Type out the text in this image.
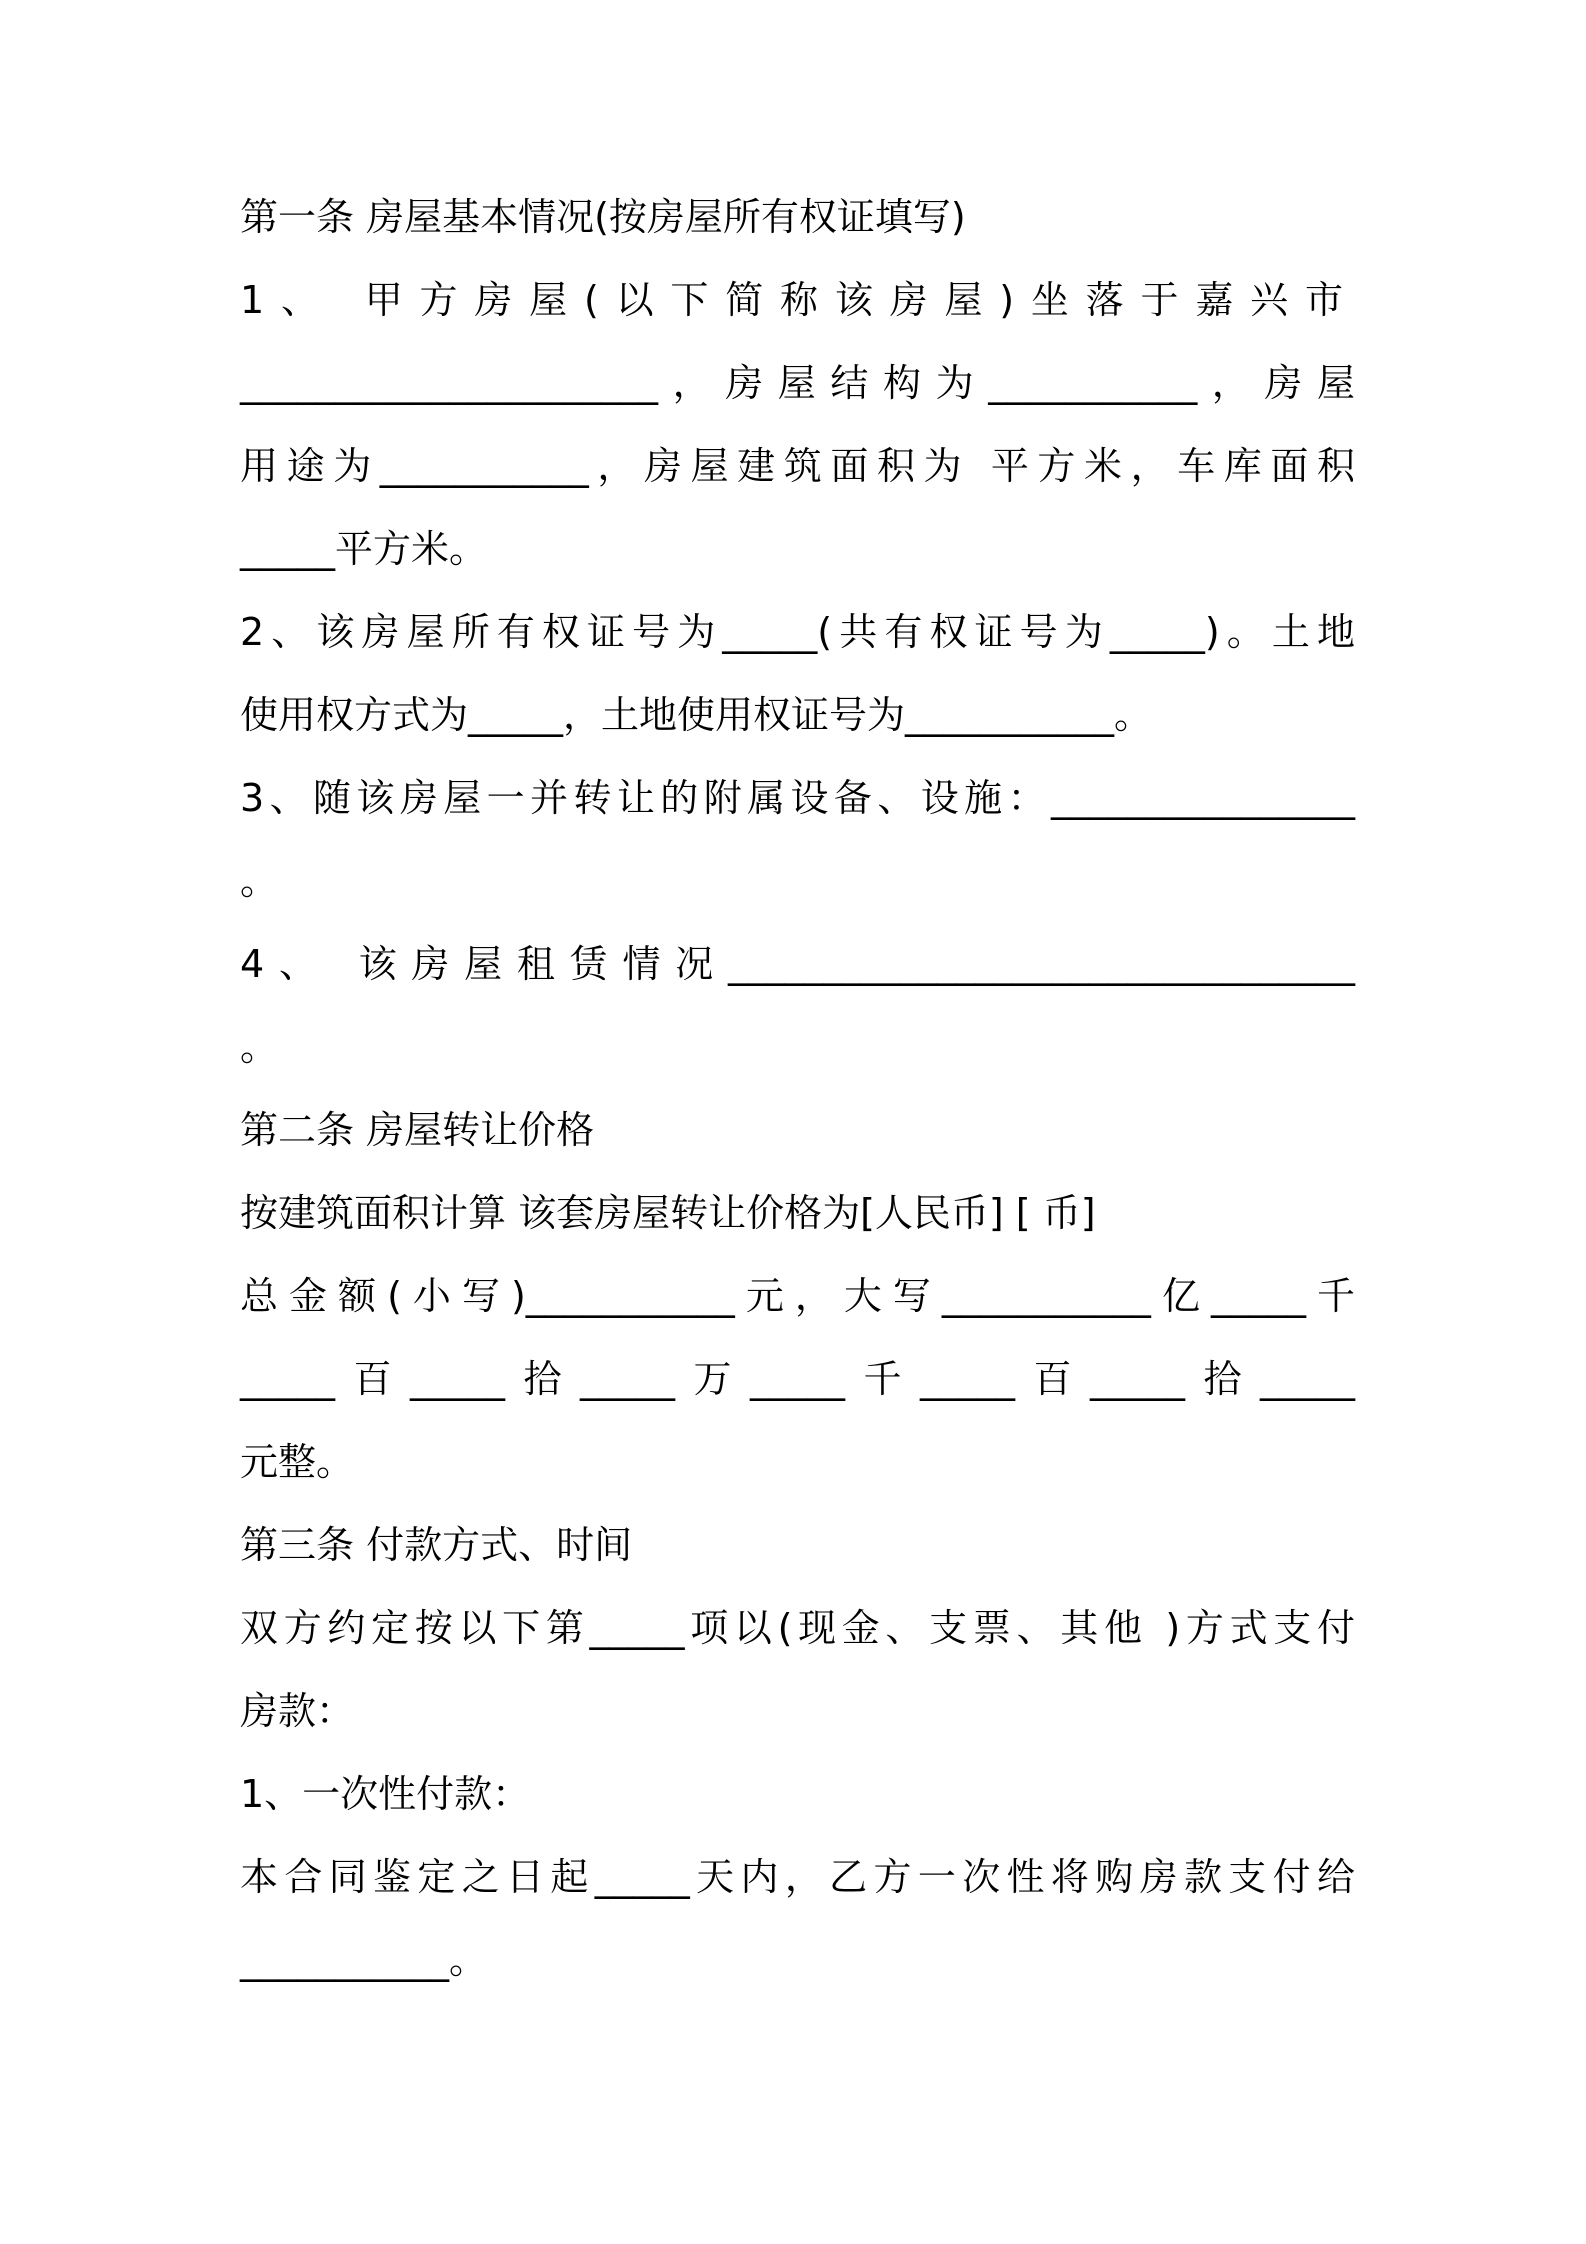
第一条 房屋基本情况(按房屋所有权证填写)
1、 甲方房屋(以下简称该房屋)坐落于嘉兴市
______________________，房屋结构为___________，房屋
用途为___________，房屋建筑面积为 平方米，车库面积
_____平方米。
2、该房屋所有权证号为_____(共有权证号为_____)。土地
使用权方式为_____，土地使用权证号为___________。
3、随该房屋一并转让的附属设备、设施：________________
。
4、 该房屋租赁情况_________________________________
。
第二条 房屋转让价格
按建筑面积计算 该套房屋转让价格为[人民币] [ 币]
总金额(小写)___________元，大写___________亿_____千
_____百_____拾_____万_____千_____百_____拾_____
元整。
第三条 付款方式、时间
双方约定按以下第_____项以(现金、支票、其他 )方式支付
房款：
1、一次性付款：
本合同鉴定之日起_____天内，乙方一次性将购房款支付给
___________。
